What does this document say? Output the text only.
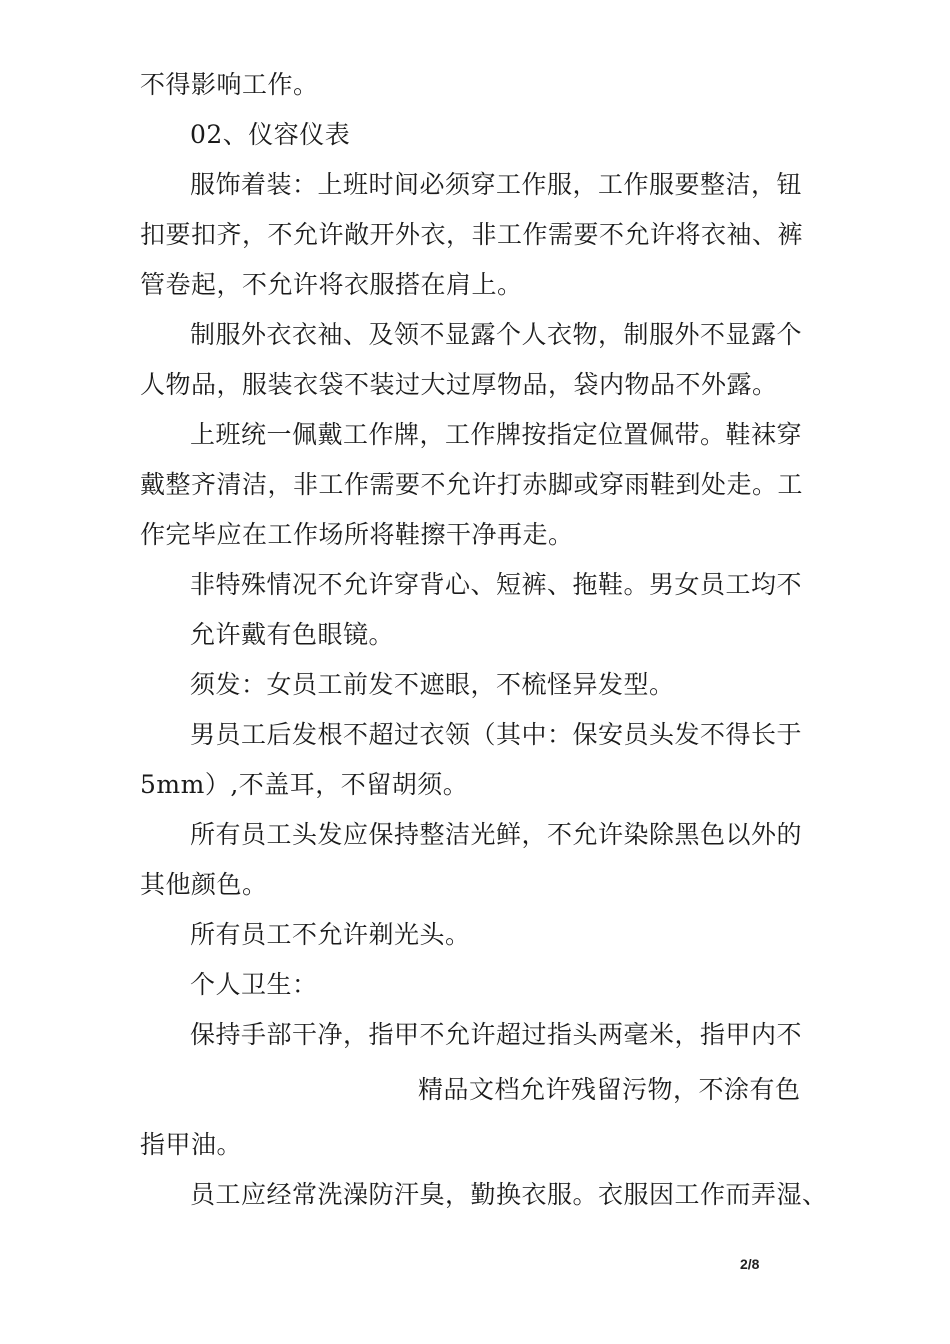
不得影响工作。
02、仪容仪表
服饰着装：上班时间必须穿工作服，工作服要整洁，钮
扣要扣齐，不允许敞开外衣，非工作需要不允许将衣袖、裤
管卷起，不允许将衣服搭在肩上。
制服外衣衣袖、及领不显露个人衣物，制服外不显露个
人物品，服装衣袋不装过大过厚物品，袋内物品不外露。
上班统一佩戴工作牌，工作牌按指定位置佩带。鞋袜穿
戴整齐清洁，非工作需要不允许打赤脚或穿雨鞋到处走。工
作完毕应在工作场所将鞋擦干净再走。
非特殊情况不允许穿背心、短裤、拖鞋。男女员工均不
允许戴有色眼镜。
须发：女员工前发不遮眼，不梳怪异发型。
男员工后发根不超过衣领（其中：保安员头发不得长于
5mm）,不盖耳，不留胡须。
所有员工头发应保持整洁光鲜，不允许染除黑色以外的
其他颜色。
所有员工不允许剃光头。
个人卫生：
保持手部干净，指甲不允许超过指头两毫米，指甲内不
精品文档允许残留污物，不涂有色
指甲油。
员工应经常洗澡防汗臭，勤换衣服。衣服因工作而弄湿、
2/8
